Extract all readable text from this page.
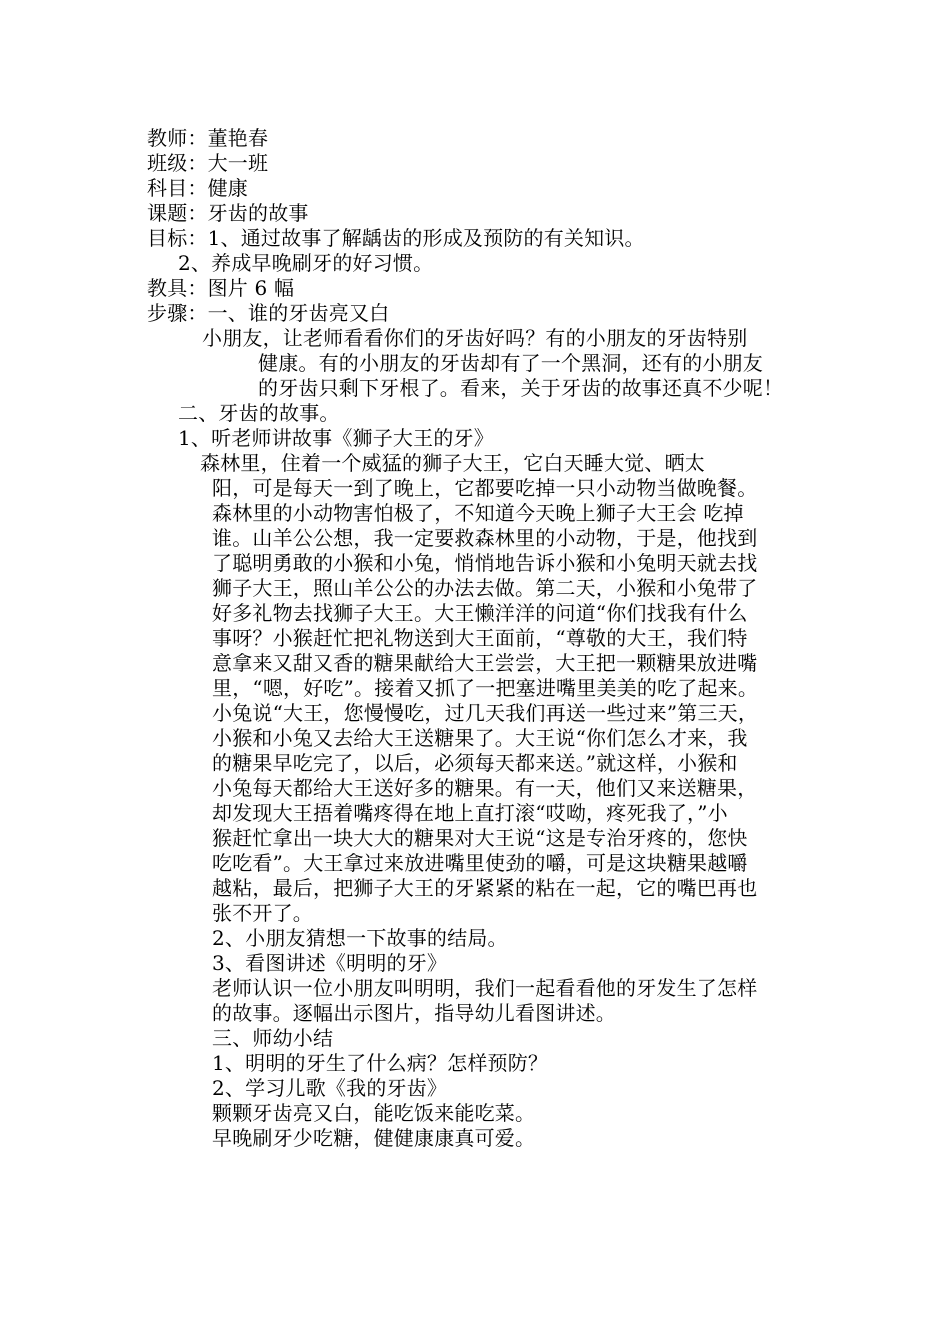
教师：董艳春
班级：大一班
科目：健康
课题：牙齿的故事
目标：1、通过故事了解龋齿的形成及预防的有关知识。
2、养成早晚刷牙的好习惯。
教具：图片 6 幅
步骤：一、谁的牙齿亮又白
小朋友，让老师看看你们的牙齿好吗？有的小朋友的牙齿特别
健康。有的小朋友的牙齿却有了一个黑洞，还有的小朋友
的牙齿只剩下牙根了。看来，关于牙齿的故事还真不少呢！
二、牙齿的故事。
1、听老师讲故事《狮子大王的牙》
森林里，住着一个威猛的狮子大王，它白天睡大觉、晒太
阳，可是每天一到了晚上，它都要吃掉一只小动物当做晚餐。
森林里的小动物害怕极了，不知道今天晚上狮子大王会 吃掉
谁。山羊公公想，我一定要救森林里的小动物，于是，他找到
了聪明勇敢的小猴和小兔，悄悄地告诉小猴和小兔明天就去找
狮子大王，照山羊公公的办法去做。第二天，小猴和小兔带了
好多礼物去找狮子大王。大王懒洋洋的问道“你们找我有什么
事呀？小猴赶忙把礼物送到大王面前，“尊敬的大王，我们特
意拿来又甜又香的糖果献给大王尝尝，大王把一颗糖果放进嘴
里，“嗯，好吃”。接着又抓了一把塞进嘴里美美的吃了起来。
小兔说“大王，您慢慢吃，过几天我们再送一些过来”第三天，
小猴和小兔又去给大王送糖果了。大王说“你们怎么才来，我
的糖果早吃完了，以后，必须每天都来送。”就这样，小猴和
小兔每天都给大王送好多的糖果。有一天，他们又来送糖果，
却发现大王捂着嘴疼得在地上直打滚“哎呦，疼死我了，”小
猴赶忙拿出一块大大的糖果对大王说“这是专治牙疼的，您快
吃吃看”。大王拿过来放进嘴里使劲的嚼，可是这块糖果越嚼
越粘，最后，把狮子大王的牙紧紧的粘在一起，它的嘴巴再也
张不开了。
2、小朋友猜想一下故事的结局。
3、看图讲述《明明的牙》
老师认识一位小朋友叫明明，我们一起看看他的牙发生了怎样
的故事。逐幅出示图片，指导幼儿看图讲述。
三、师幼小结
1、明明的牙生了什么病？怎样预防？
2、学习儿歌《我的牙齿》
颗颗牙齿亮又白，能吃饭来能吃菜。
早晚刷牙少吃糖，健健康康真可爱。
